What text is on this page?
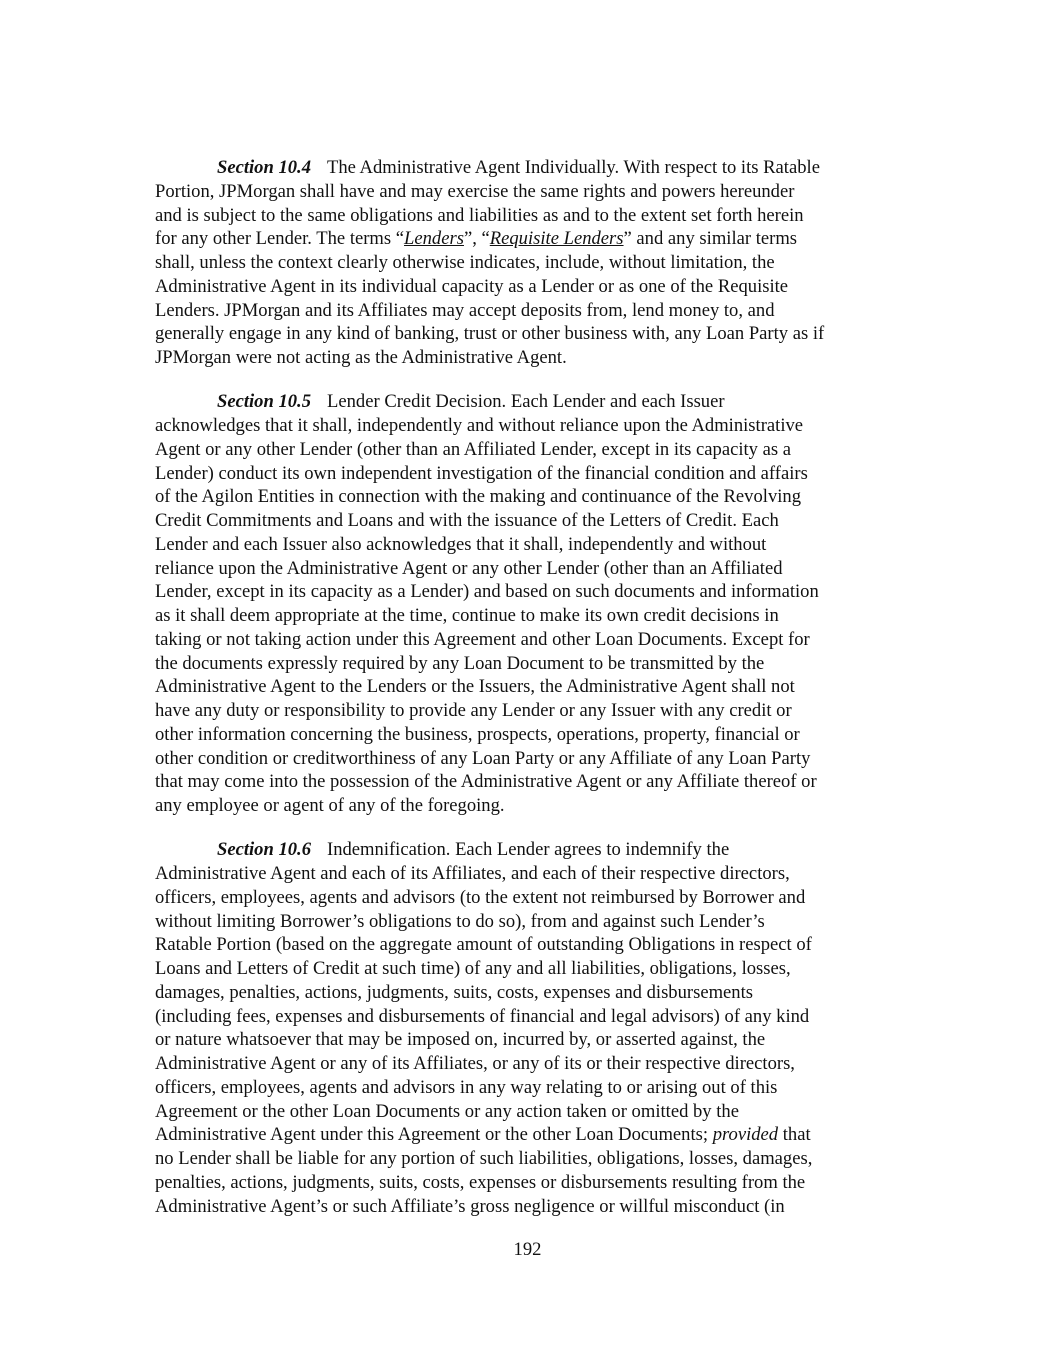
Section 10.4 The Administrative Agent Individually. With respect to its Ratable
Portion, JPMorgan shall have and may exercise the same rights and powers hereunder
and is subject to the same obligations and liabilities as and to the extent set forth herein
for any other Lender. The terms “Lenders”, “Requisite Lenders” and any similar terms
shall, unless the context clearly otherwise indicates, include, without limitation, the
Administrative Agent in its individual capacity as a Lender or as one of the Requisite
Lenders. JPMorgan and its Affiliates may accept deposits from, lend money to, and
generally engage in any kind of banking, trust or other business with, any Loan Party as if
JPMorgan were not acting as the Administrative Agent.
Section 10.5 Lender Credit Decision. Each Lender and each Issuer
acknowledges that it shall, independently and without reliance upon the Administrative
Agent or any other Lender (other than an Affiliated Lender, except in its capacity as a
Lender) conduct its own independent investigation of the financial condition and affairs
of the Agilon Entities in connection with the making and continuance of the Revolving
Credit Commitments and Loans and with the issuance of the Letters of Credit. Each
Lender and each Issuer also acknowledges that it shall, independently and without
reliance upon the Administrative Agent or any other Lender (other than an Affiliated
Lender, except in its capacity as a Lender) and based on such documents and information
as it shall deem appropriate at the time, continue to make its own credit decisions in
taking or not taking action under this Agreement and other Loan Documents. Except for
the documents expressly required by any Loan Document to be transmitted by the
Administrative Agent to the Lenders or the Issuers, the Administrative Agent shall not
have any duty or responsibility to provide any Lender or any Issuer with any credit or
other information concerning the business, prospects, operations, property, financial or
other condition or creditworthiness of any Loan Party or any Affiliate of any Loan Party
that may come into the possession of the Administrative Agent or any Affiliate thereof or
any employee or agent of any of the foregoing.
Section 10.6 Indemnification. Each Lender agrees to indemnify the
Administrative Agent and each of its Affiliates, and each of their respective directors,
officers, employees, agents and advisors (to the extent not reimbursed by Borrower and
without limiting Borrower’s obligations to do so), from and against such Lender’s
Ratable Portion (based on the aggregate amount of outstanding Obligations in respect of
Loans and Letters of Credit at such time) of any and all liabilities, obligations, losses,
damages, penalties, actions, judgments, suits, costs, expenses and disbursements
(including fees, expenses and disbursements of financial and legal advisors) of any kind
or nature whatsoever that may be imposed on, incurred by, or asserted against, the
Administrative Agent or any of its Affiliates, or any of its or their respective directors,
officers, employees, agents and advisors in any way relating to or arising out of this
Agreement or the other Loan Documents or any action taken or omitted by the
Administrative Agent under this Agreement or the other Loan Documents; provided that
no Lender shall be liable for any portion of such liabilities, obligations, losses, damages,
penalties, actions, judgments, suits, costs, expenses or disbursements resulting from the
Administrative Agent’s or such Affiliate’s gross negligence or willful misconduct (in
192
